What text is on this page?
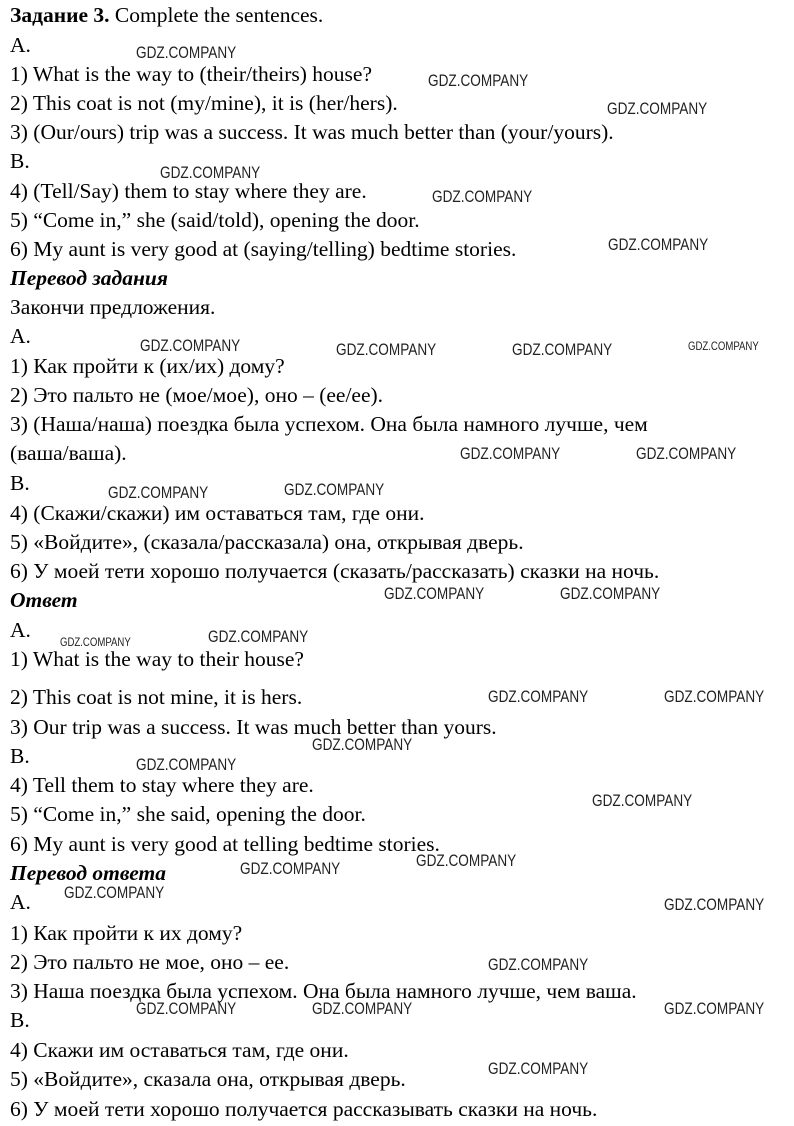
Задание 3. Complete the sentences.
A.
1) What is the way to (their/theirs) house?
2) This coat is not (my/mine), it is (her/hers).
3) (Our/ours) trip was a success. It was much better than (your/yours).
B.
4) (Tell/Say) them to stay where they are.
5) “Come in,” she (said/told), opening the door.
6) My aunt is very good at (saying/telling) bedtime stories.
Перевод задания
Закончи предложения.
A.
1) Как пройти к (их/их) дому?
2) Это пальто не (мое/мое), оно – (ее/ее).
3) (Наша/наша) поездка была успехом. Она была намного лучше, чем
(ваша/ваша).
B.
4) (Скажи/скажи) им оставаться там, где они.
5) «Войдите», (сказала/рассказала) она, открывая дверь.
6) У моей тети хорошо получается (сказать/рассказать) сказки на ночь.
Ответ
A.
1) What is the way to their house?
2) This coat is not mine, it is hers.
3) Our trip was a success. It was much better than yours.
B.
4) Tell them to stay where they are.
5) “Come in,” she said, opening the door.
6) My aunt is very good at telling bedtime stories.
Перевод ответа
A.
1) Как пройти к их дому?
2) Это пальто не мое, оно – ее.
3) Наша поездка была успехом. Она была намного лучше, чем ваша.
B.
4) Скажи им оставаться там, где они.
5) «Войдите», сказала она, открывая дверь.
6) У моей тети хорошо получается рассказывать сказки на ночь.
GDZ.COMPANY
GDZ.COMPANY
GDZ.COMPANY
GDZ.COMPANY
GDZ.COMPANY
GDZ.COMPANY
GDZ.COMPANY	GDZ.COMPANY	GDZ.COMPANY	GDZ.COMPANY
GDZ.COMPANY	GDZ.COMPANY
GDZ.COMPANY	GDZ.COMPANY
GDZ.COMPANY	GDZ.COMPANY
GDZ.COMPANY	GDZ.COMPANY
GDZ.COMPANY	GDZ.COMPANY
GDZ.COMPANY
GDZ.COMPANY
GDZ.COMPANY
GDZ.COMPANY
GDZ.COMPANY
GDZ.COMPANY
GDZ.COMPANY
GDZ.COMPANY
GDZ.COMPANY	GDZ.COMPANY	GDZ.COMPANY
GDZ.COMPANY
